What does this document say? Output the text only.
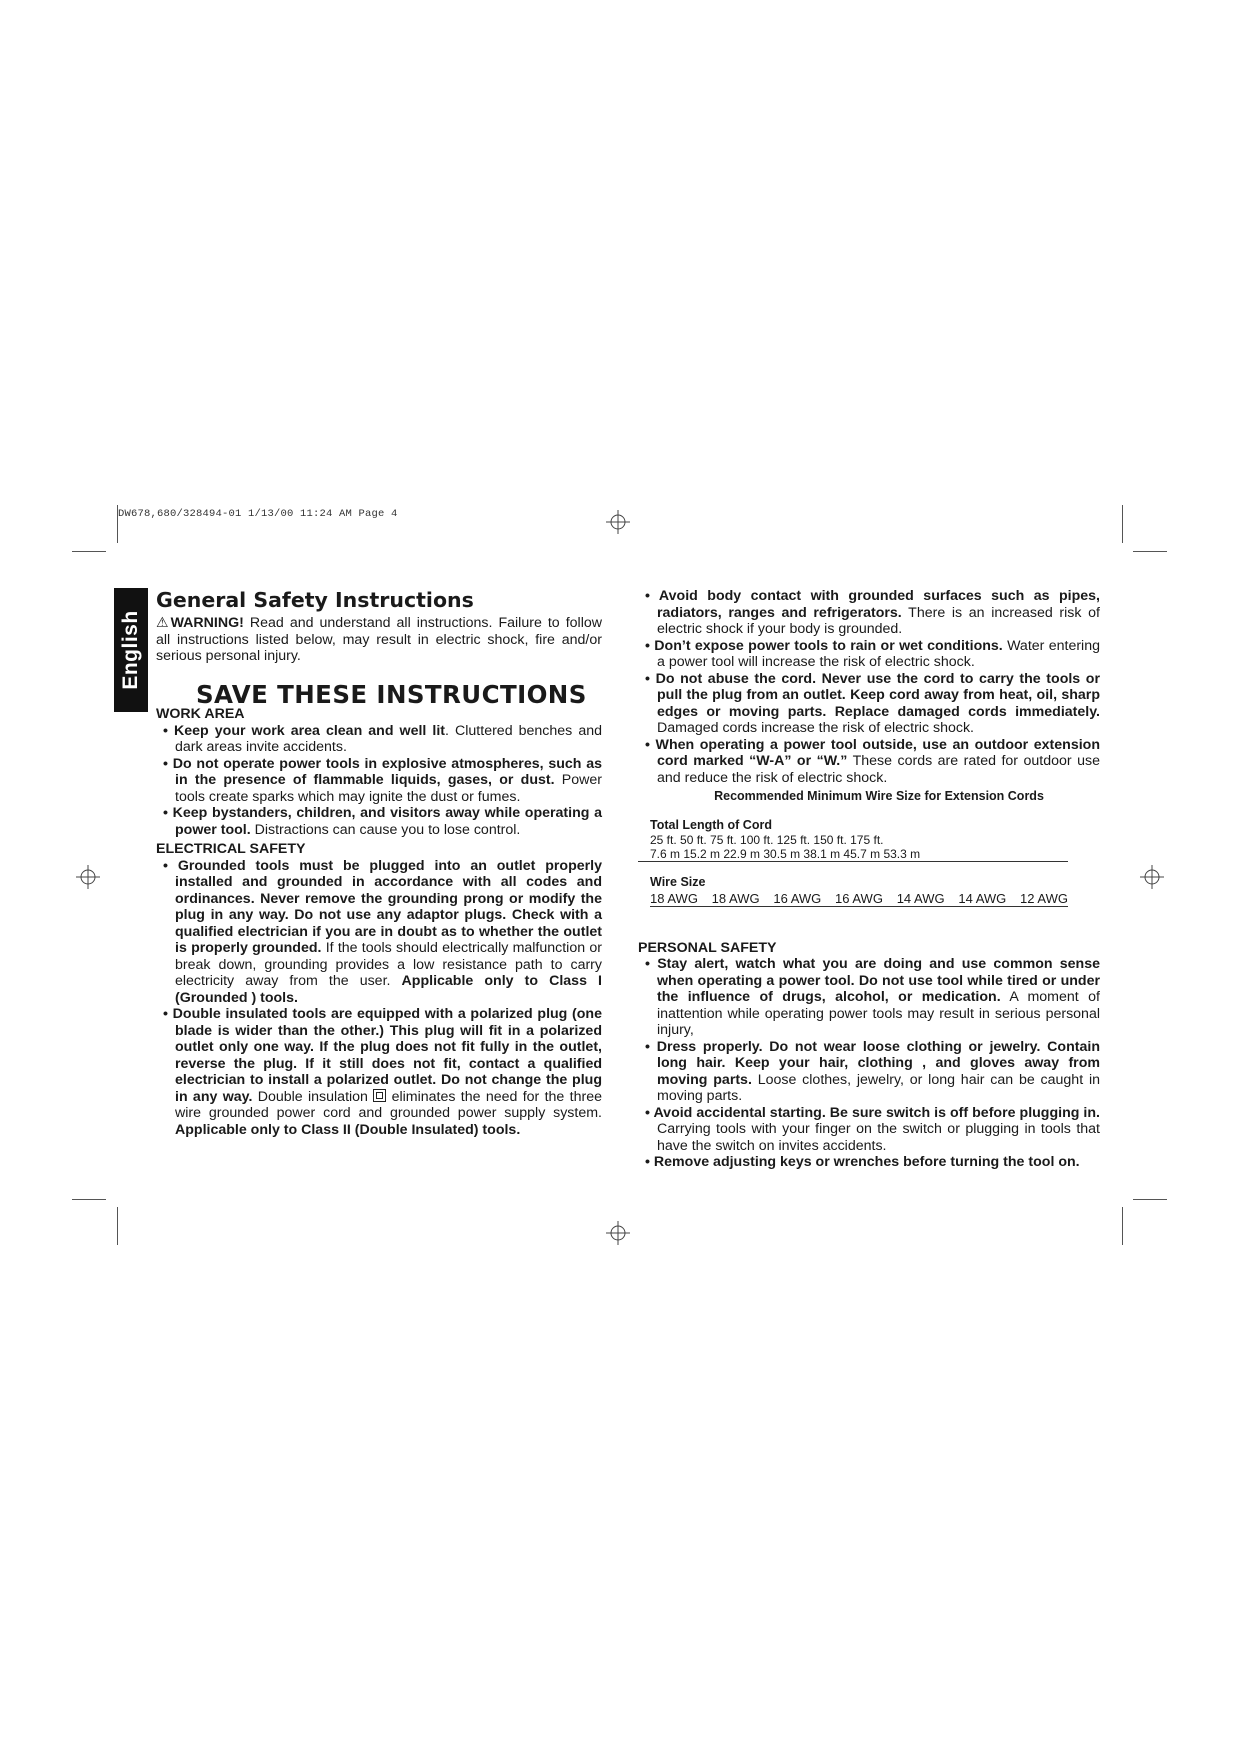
DW678,680/328494-01 1/13/00 11:24 AM Page 4
English
General Safety Instructions
⚠ WARNING! Read and understand all instructions. Failure to follow all instructions listed below, may result in electric shock, fire and/or serious personal injury.
SAVE THESE INSTRUCTIONS
WORK AREA
• Keep your work area clean and well lit. Cluttered benches and dark areas invite accidents.
• Do not operate power tools in explosive atmospheres, such as in the presence of flammable liquids, gases, or dust. Power tools create sparks which may ignite the dust or fumes.
• Keep bystanders, children, and visitors away while operating a power tool. Distractions can cause you to lose control.
ELECTRICAL SAFETY
• Grounded tools must be plugged into an outlet properly installed and grounded in accordance with all codes and ordinances. Never remove the grounding prong or modify the plug in any way. Do not use any adaptor plugs. Check with a qualified electrician if you are in doubt as to whether the outlet is properly grounded. If the tools should electrically malfunction or break down, grounding provides a low resistance path to carry electricity away from the user. Applicable only to Class I (Grounded ) tools.
• Double insulated tools are equipped with a polarized plug (one blade is wider than the other.) This plug will fit in a polarized outlet only one way. If the plug does not fit fully in the outlet, reverse the plug. If it still does not fit, contact a qualified electrician to install a polarized outlet. Do not change the plug in any way. Double insulation
eliminates the need for the three wire grounded power cord and grounded power supply system. Applicable only to Class II (Double Insulated) tools.
• Avoid body contact with grounded surfaces such as pipes, radiators, ranges and refrigerators. There is an increased risk of electric shock if your body is grounded.
• Don’t expose power tools to rain or wet conditions. Water entering a power tool will increase the risk of electric shock.
• Do not abuse the cord. Never use the cord to carry the tools or pull the plug from an outlet. Keep cord away from heat, oil, sharp edges or moving parts. Replace damaged cords immediately. Damaged cords increase the risk of electric shock.
• When operating a power tool outside, use an outdoor extension cord marked “W-A” or “W.” These cords are rated for outdoor use and reduce the risk of electric shock.
Recommended Minimum Wire Size for Extension Cords
Total Length of Cord
25 ft. 50 ft. 75 ft. 100 ft. 125 ft. 150 ft. 175 ft.
7.6 m 15.2 m 22.9 m 30.5 m 38.1 m 45.7 m 53.3 m
Wire Size
18 AWG 18 AWG 16 AWG 16 AWG 14 AWG 14 AWG 12 AWG
PERSONAL SAFETY
• Stay alert, watch what you are doing and use common sense when operating a power tool. Do not use tool while tired or under the influence of drugs, alcohol, or medication. A moment of inattention while operating power tools may result in serious personal injury,
• Dress properly. Do not wear loose clothing or jewelry. Contain long hair. Keep your hair, clothing , and gloves away from moving parts. Loose clothes, jewelry, or long hair can be caught in moving parts.
• Avoid accidental starting. Be sure switch is off before plugging in. Carrying tools with your finger on the switch or plugging in tools that have the switch on invites accidents.
• Remove adjusting keys or wrenches before turning the tool on.
